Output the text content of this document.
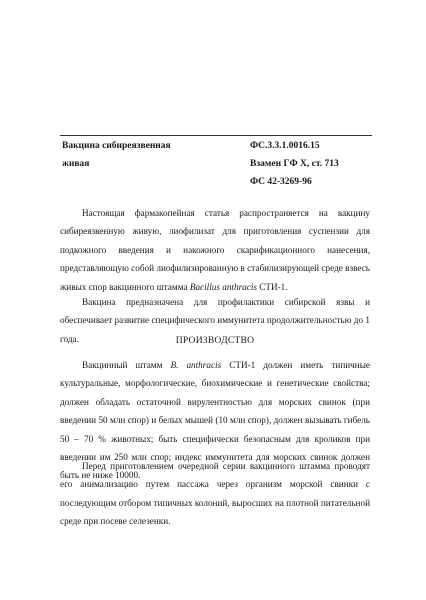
Вакцина сибиреязвенная
живая
ФС.3.3.1.0016.15
Взамен ГФ X, ст. 713
ФС 42-3269-96
Настоящая фармакопейная статья распространяется на вакцину сибиреязвенную живую, лиофилизат для приготовления суспензии для подкожного введения и накожного скарификационного нанесения, представляющую собой лиофилизированную в стабилизирующей среде взвесь живых спор вакцинного штамма Bacillus anthracis СТИ-1.
Вакцина предназначена для профилактики сибирской язвы и обеспечивает развитие специфического иммунитета продолжительностью до 1 года.	ПРОИЗВОДСТВО
Вакцинный штамм B. anthracis СТИ-1 должен иметь типичные культуральные, морфологические, биохимические и генетические свойства; должен обладать остаточной вирулентностью для морских свинок (при введении 50 млн спор) и белых мышей (10 млн спор), должен вызывать гибель 50 – 70 % животных; быть специфически безопасным для кроликов при введении им 250 млн спор; индекс иммунитета для морских свинок должен быть не ниже 10000.
Перед приготовлением очередной серии вакцинного штамма проводят его анимализацию путем пассажа через организм морской свинки с последующим отбором типичных колоний, выросших на плотной питательной среде при посеве селезенки.
